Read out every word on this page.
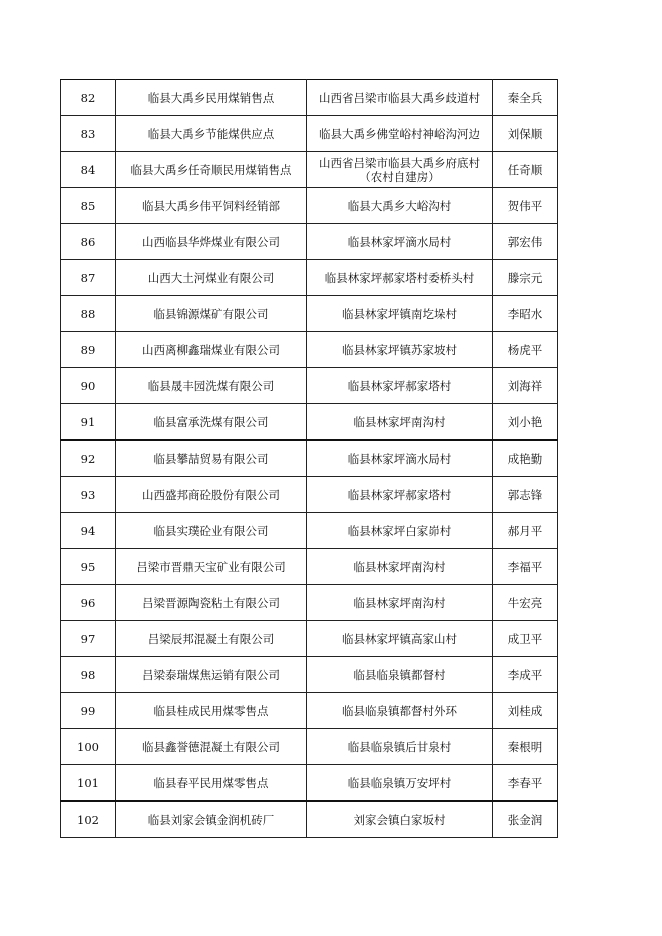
82	临县大禹乡民用煤销售点	山西省吕梁市临县大禹乡歧道村	秦全兵
83	临县大禹乡节能煤供应点	临县大禹乡佛堂峪村神峪沟河边	刘保顺
84	临县大禹乡任奇顺民用煤销售点	山西省吕梁市临县大禹乡府底村（农村自建房）	任奇顺
85	临县大禹乡伟平饲料经销部	临县大禹乡大峪沟村	贺伟平
86	山西临县华烨煤业有限公司	临县林家坪滴水局村	郭宏伟
87	山西大土河煤业有限公司	临县林家坪郝家塔村委桥头村	滕宗元
88	临县锦源煤矿有限公司	临县林家坪镇南圪垛村	李昭水
89	山西离柳鑫瑞煤业有限公司	临县林家坪镇苏家坡村	杨虎平
90	临县晟丰园洗煤有限公司	临县林家坪郝家塔村	刘海祥
91	临县富承洗煤有限公司	临县林家坪南沟村	刘小艳
92	临县攀喆贸易有限公司	临县林家坪滴水局村	成艳勤
93	山西盛邦商砼股份有限公司	临县林家坪郝家塔村	郭志锋
94	临县实璞砼业有限公司	临县林家坪白家峁村	郝月平
95	吕梁市晋鼎天宝矿业有限公司	临县林家坪南沟村	李福平
96	吕梁晋源陶瓷粘土有限公司	临县林家坪南沟村	牛宏亮
97	吕梁辰邦混凝土有限公司	临县林家坪镇高家山村	成卫平
98	吕梁泰瑞煤焦运销有限公司	临县临泉镇都督村	李成平
99	临县桂成民用煤零售点	临县临泉镇都督村外环	刘桂成
100	临县鑫誉德混凝土有限公司	临县临泉镇后甘泉村	秦根明
101	临县春平民用煤零售点	临县临泉镇万安坪村	李春平
102	临县刘家会镇金润机砖厂	刘家会镇白家坂村	张金润
